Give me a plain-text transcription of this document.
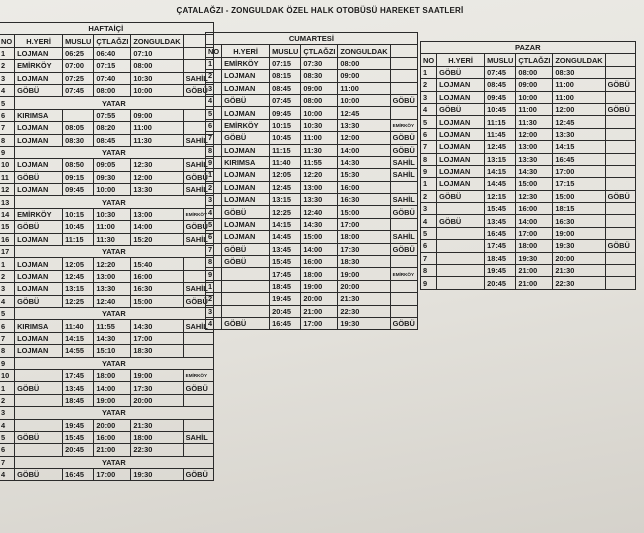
ÇATALAĞZI - ZONGULDAK ÖZEL HALK OTOBÜSÜ HAREKET SAATLERİ
HAFTAİÇİ					
NO	H.YERİ	MUSLU	ÇTLAĞZI	ZONGULDAK	
1	LOJMAN	06:25	06:40	07:10	
2	EMİRKÖY	07:00	07:15	08:00	
3	LOJMAN	07:25	07:40	10:30	SAHİL
4	GÖBÜ	07:45	08:00	10:00	GÖBÜ
5	YATAR				
6	KIRIMSA		07:55	09:00	
7	LOJMAN	08:05	08:20	11:00	
8	LOJMAN	08:30	08:45	11:30	SAHİL
9	YATAR				
10	LOJMAN	08:50	09:05	12:30	SAHİL
11	GÖBÜ	09:15	09:30	12:00	GÖBÜ
12	LOJMAN	09:45	10:00	13:30	SAHİL
13	YATAR				
14	EMİRKÖY	10:15	10:30	13:00	EMİRKÖY
15	GÖBÜ	10:45	11:00	14:00	GÖBÜ
16	LOJMAN	11:15	11:30	15:20	SAHİL
17	YATAR				
1	LOJMAN	12:05	12:20	15:40	
2	LOJMAN	12:45	13:00	16:00	
3	LOJMAN	13:15	13:30	16:30	SAHİL
4	GÖBÜ	12:25	12:40	15:00	GÖBÜ
5	YATAR				
6	KIRIMSA	11:40	11:55	14:30	SAHİL
7	LOJMAN	14:15	14:30	17:00	
8	LOJMAN	14:55	15:10	18:30	
9	YATAR				
10		17:45	18:00	19:00	EMİRKÖY
1	GÖBÜ	13:45	14:00	17:30	GÖBÜ
2		18:45	19:00	20:00	
3	YATAR				
4		19:45	20:00	21:30	
5	GÖBÜ	15:45	16:00	18:00	SAHİL
6		20:45	21:00	22:30	
7	YATAR				
4	GÖBÜ	16:45	17:00	19:30	GÖBÜ
CUMARTESİ					
NO	H.YERİ	MUSLU	ÇTLAĞZI	ZONGULDAK	
1	EMİRKÖY	07:15	07:30	08:00	
2	LOJMAN	08:15	08:30	09:00	
3	LOJMAN	08:45	09:00	11:00	
4	GÖBÜ	07:45	08:00	10:00	GÖBÜ
5	LOJMAN	09:45	10:00	12:45	
6	EMİRKÖY	10:15	10:30	13:30	EMİRKÖY
7	GÖBÜ	10:45	11:00	12:00	GÖBÜ
8	LOJMAN	11:15	11:30	14:00	GÖBÜ
9	KIRIMSA	11:40	11:55	14:30	SAHİL
1	LOJMAN	12:05	12:20	15:30	SAHİL
2	LOJMAN	12:45	13:00	16:00	
3	LOJMAN	13:15	13:30	16:30	SAHİL
4	GÖBÜ	12:25	12:40	15:00	GÖBÜ
5	LOJMAN	14:15	14:30	17:00	
6	LOJMAN	14:45	15:00	18:00	SAHİL
7	GÖBÜ	13:45	14:00	17:30	GÖBÜ
8	GÖBÜ	15:45	16:00	18:30	
9		17:45	18:00	19:00	EMİRKÖY
1		18:45	19:00	20:00	
2		19:45	20:00	21:30	
3		20:45	21:00	22:30	
4	GÖBÜ	16:45	17:00	19:30	GÖBÜ
PAZAR					
NO	H.YERİ	MUSLU	ÇTLAĞZI	ZONGULDAK	
1	GÖBÜ	07:45	08:00	08:30	
2	LOJMAN	08:45	09:00	11:00	GÖBÜ
3	LOJMAN	09:45	10:00	11:00	
4	GÖBÜ	10:45	11:00	12:00	GÖBÜ
5	LOJMAN	11:15	11:30	12:45	
6	LOJMAN	11:45	12:00	13:30	
7	LOJMAN	12:45	13:00	14:15	
8	LOJMAN	13:15	13:30	16:45	
9	LOJMAN	14:15	14:30	17:00	
1	LOJMAN	14:45	15:00	17:15	
2	GÖBÜ	12:15	12:30	15:00	GÖBÜ
3		15:45	16:00	18:15	
4	GÖBÜ	13:45	14:00	16:30	
5		16:45	17:00	19:00	
6		17:45	18:00	19:30	GÖBÜ
7		18:45	19:30	20:00	
8		19:45	21:00	21:30	
9		20:45	21:00	22:30	
